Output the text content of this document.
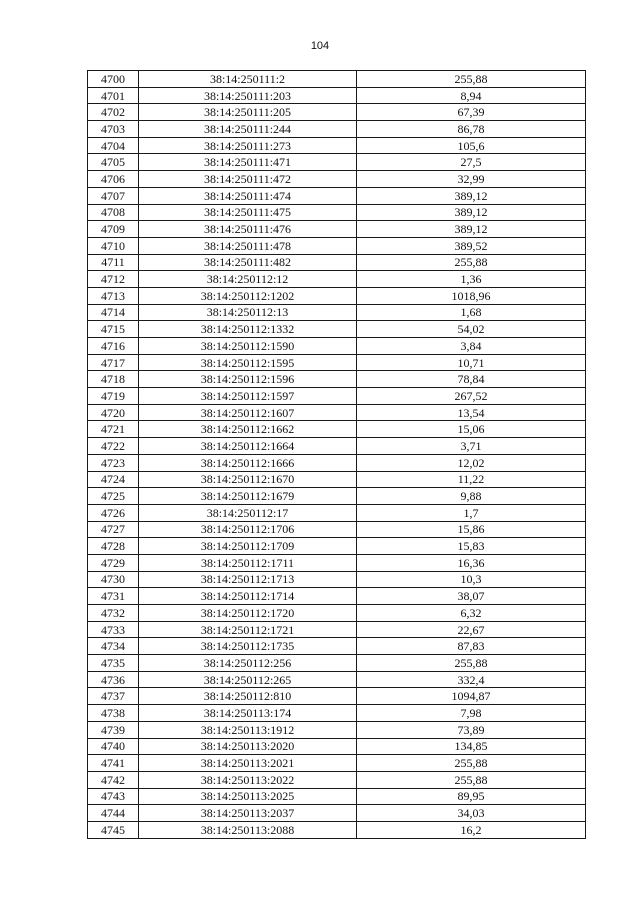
104
4700	38:14:250111:2	255,88
4701	38:14:250111:203	8,94
4702	38:14:250111:205	67,39
4703	38:14:250111:244	86,78
4704	38:14:250111:273	105,6
4705	38:14:250111:471	27,5
4706	38:14:250111:472	32,99
4707	38:14:250111:474	389,12
4708	38:14:250111:475	389,12
4709	38:14:250111:476	389,12
4710	38:14:250111:478	389,52
4711	38:14:250111:482	255,88
4712	38:14:250112:12	1,36
4713	38:14:250112:1202	1018,96
4714	38:14:250112:13	1,68
4715	38:14:250112:1332	54,02
4716	38:14:250112:1590	3,84
4717	38:14:250112:1595	10,71
4718	38:14:250112:1596	78,84
4719	38:14:250112:1597	267,52
4720	38:14:250112:1607	13,54
4721	38:14:250112:1662	15,06
4722	38:14:250112:1664	3,71
4723	38:14:250112:1666	12,02
4724	38:14:250112:1670	11,22
4725	38:14:250112:1679	9,88
4726	38:14:250112:17	1,7
4727	38:14:250112:1706	15,86
4728	38:14:250112:1709	15,83
4729	38:14:250112:1711	16,36
4730	38:14:250112:1713	10,3
4731	38:14:250112:1714	38,07
4732	38:14:250112:1720	6,32
4733	38:14:250112:1721	22,67
4734	38:14:250112:1735	87,83
4735	38:14:250112:256	255,88
4736	38:14:250112:265	332,4
4737	38:14:250112:810	1094,87
4738	38:14:250113:174	7,98
4739	38:14:250113:1912	73,89
4740	38:14:250113:2020	134,85
4741	38:14:250113:2021	255,88
4742	38:14:250113:2022	255,88
4743	38:14:250113:2025	89,95
4744	38:14:250113:2037	34,03
4745	38:14:250113:2088	16,2
